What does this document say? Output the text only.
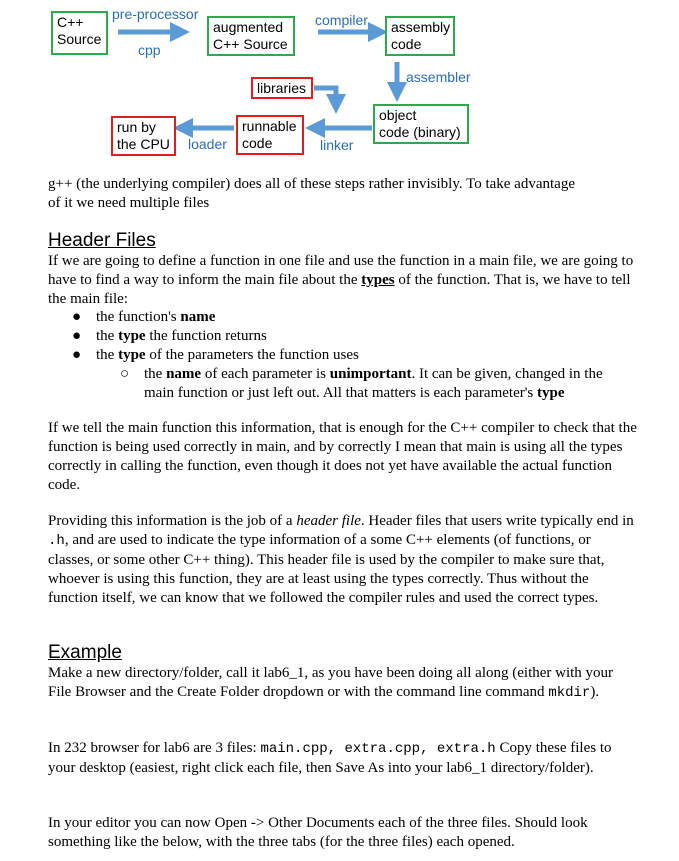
C++
Source
augmented
C++ Source
assembly
code
object
code (binary)
libraries
runnable
code
run by
the CPU
pre-processor
cpp
compiler
assembler
linker
loader
g++ (the underlying compiler) does all of these steps rather invisibly. To take advantage
of it we need multiple files
Header Files
If we are going to define a function in one file and use the function in a main file, we are going to have to find a way to inform the main file about the types of the function. That is, we have to tell the main file:
● the function's name
● the type the function returns
● the type of the parameters the function uses
○ the name of each parameter is unimportant. It can be given, changed in the main function or just left out. All that matters is each parameter's type
If we tell the main function this information, that is enough for the C++ compiler to check that the function is being used correctly in main, and by correctly I mean that main is using all the types correctly in calling the function, even though it does not yet have available the actual function code.
Providing this information is the job of a header file. Header files that users write typically end in .h, and are used to indicate the type information of a some C++ elements (of functions, or classes, or some other C++ thing). This header file is used by the compiler to make sure that, whoever is using this function, they are at least using the types correctly. Thus without the function itself, we can know that we followed the compiler rules and used the correct types.
Example
Make a new directory/folder, call it lab6_1, as you have been doing all along (either with your File Browser and the Create Folder dropdown or with the command line command mkdir).
In 232 browser for lab6 are 3 files: main.cpp, extra.cpp, extra.h Copy these files to your desktop (easiest, right click each file, then Save As into your lab6_1 directory/folder).
In your editor you can now Open -> Other Documents each of the three files. Should look something like the below, with the three tabs (for the three files) each opened.
